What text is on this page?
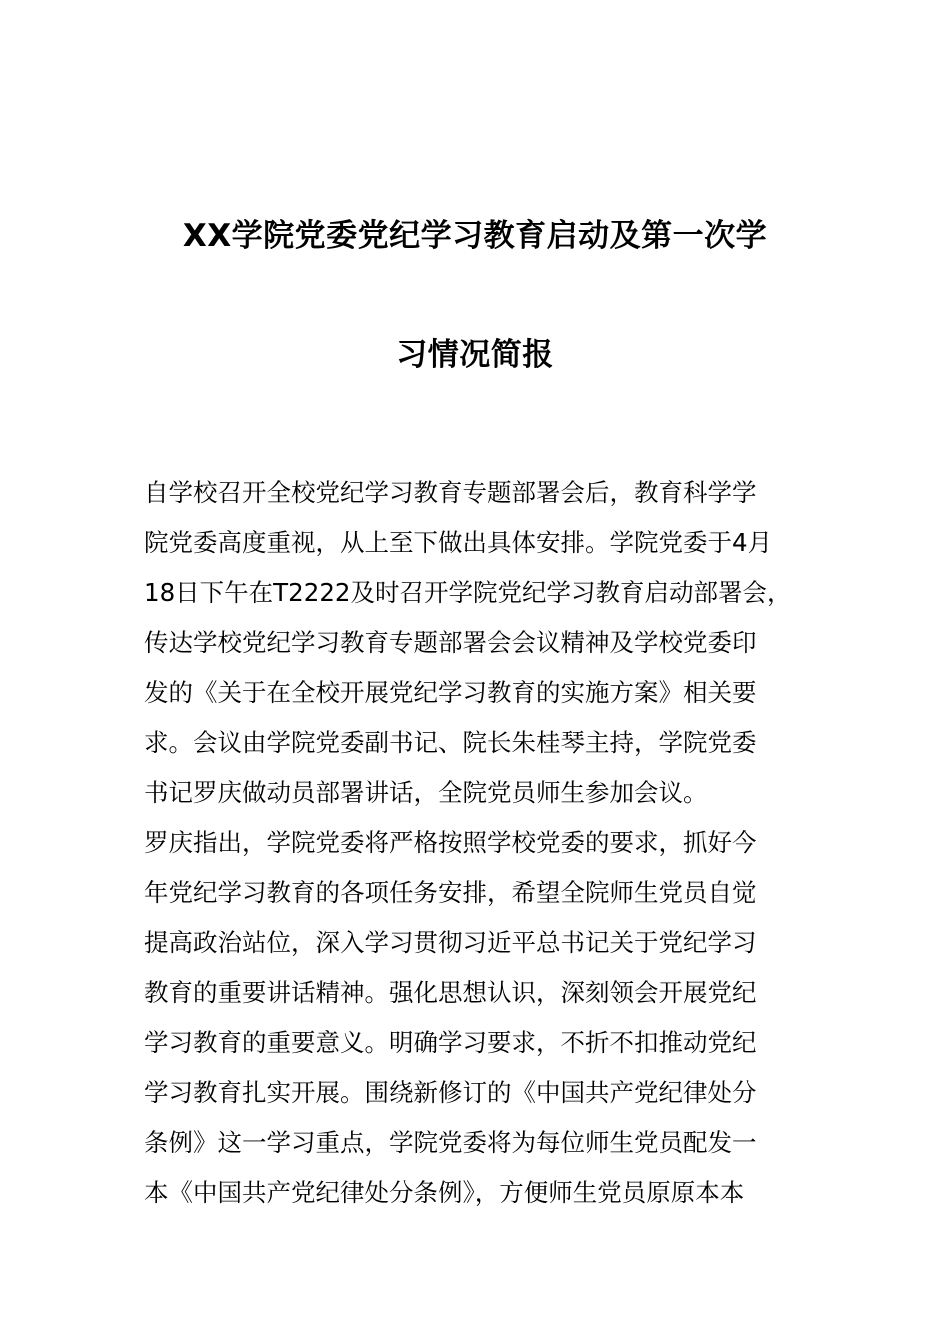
XX学院党委党纪学习教育启动及第一次学
习情况简报
自学校召开全校党纪学习教育专题部署会后，教育科学学
院党委高度重视，从上至下做出具体安排。学院党委于4月
18日下午在T2222及时召开学院党纪学习教育启动部署会，
传达学校党纪学习教育专题部署会会议精神及学校党委印
发的《关于在全校开展党纪学习教育的实施方案》相关要
求。会议由学院党委副书记、院长朱桂琴主持，学院党委
书记罗庆做动员部署讲话，全院党员师生参加会议。
罗庆指出，学院党委将严格按照学校党委的要求，抓好今
年党纪学习教育的各项任务安排，希望全院师生党员自觉
提高政治站位，深入学习贯彻习近平总书记关于党纪学习
教育的重要讲话精神。强化思想认识，深刻领会开展党纪
学习教育的重要意义。明确学习要求，不折不扣推动党纪
学习教育扎实开展。围绕新修订的《中国共产党纪律处分
条例》这一学习重点，学院党委将为每位师生党员配发一
本《中国共产党纪律处分条例》，方便师生党员原原本本
